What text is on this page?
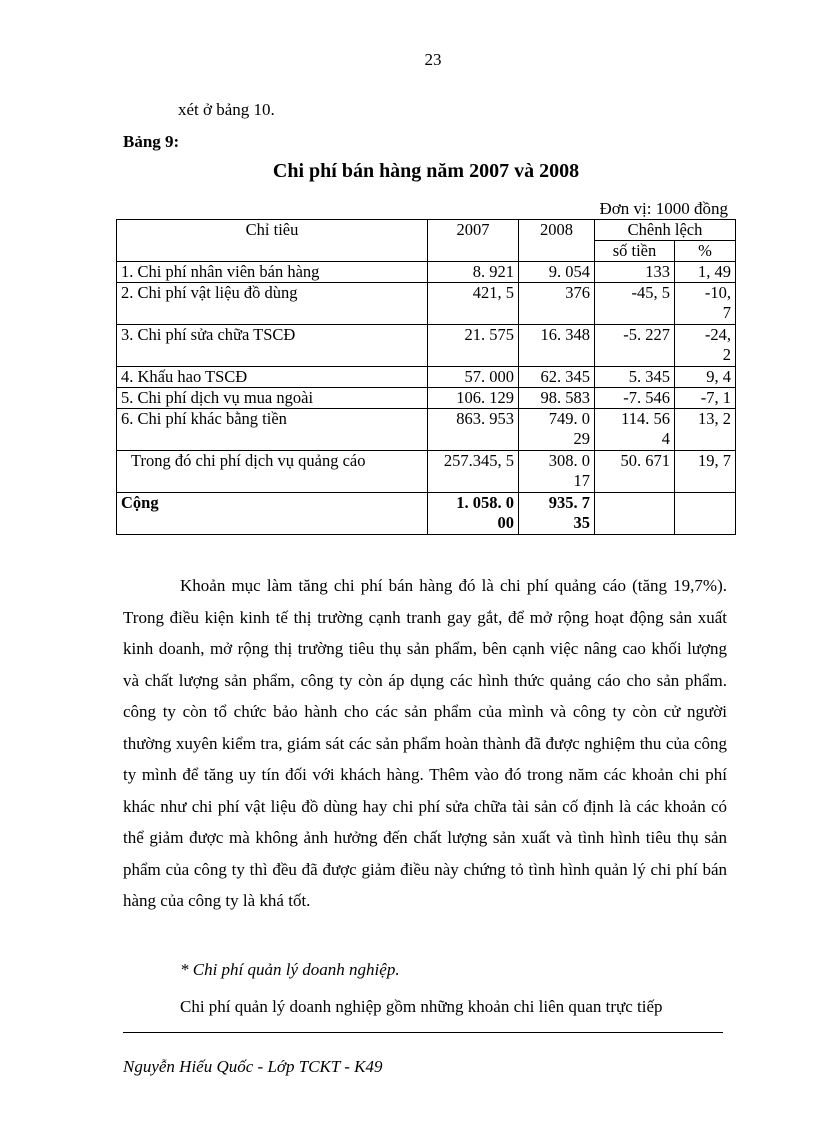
23
xét ở bảng 10.
Bảng 9:
Chi phí bán hàng năm 2007 và 2008
Đơn vị: 1000 đồng
Chỉ tiêu	2007	2008	Chênh lệch	
			số tiền	%
1. Chi phí nhân viên bán hàng	8. 921	9. 054	133	1, 49
2. Chi phí vật liệu đồ dùng	421, 5	376	-45, 5	-10, 7
3. Chi phí sửa chữa TSCĐ	21. 575	16. 348	-5. 227	-24, 2
4. Khấu hao TSCĐ	57. 000	62. 345	5. 345	9, 4
5. Chi phí dịch vụ mua ngoài	106. 129	98. 583	-7. 546	-7, 1
6. Chi phí khác bằng tiền	863. 953	749. 029	114. 564	13, 2
Trong đó chi phí dịch vụ quảng cáo	257.345, 5	308. 017	50. 671	19, 7
Cộng	1. 058. 000	935. 735		

Khoản mục làm tăng chi phí bán hàng đó là chi phí quảng cáo (tăng 19,7%). Trong điều kiện kinh tế thị trường cạnh tranh gay gắt, để mở rộng hoạt động sản xuất kinh doanh, mở rộng thị trường tiêu thụ sản phẩm, bên cạnh việc nâng cao khối lượng và chất lượng sản phẩm, công ty còn áp dụng các hình thức quảng cáo cho sản phẩm. công ty còn tổ chức bảo hành cho các sản phẩm của mình và công ty còn cử người thường xuyên kiểm tra, giám sát các sản phẩm hoàn thành đã được nghiệm thu của công ty mình để tăng uy tín đối với khách hàng. Thêm vào đó trong năm các khoản chi phí khác như chi phí vật liệu đồ dùng hay chi phí sửa chữa tài sản cố định là các khoản có thể giảm được mà không ảnh hưởng đến chất lượng sản xuất và tình hình tiêu thụ sản phẩm của công ty thì đều đã được giảm điều này chứng tỏ tình hình quản lý chi phí bán hàng của công ty là khá tốt.

* Chi phí quản lý doanh nghiệp.

Chi phí quản lý doanh nghiệp gồm những khoản chi liên quan trực tiếp

Nguyễn Hiếu Quốc - Lớp TCKT - K49
